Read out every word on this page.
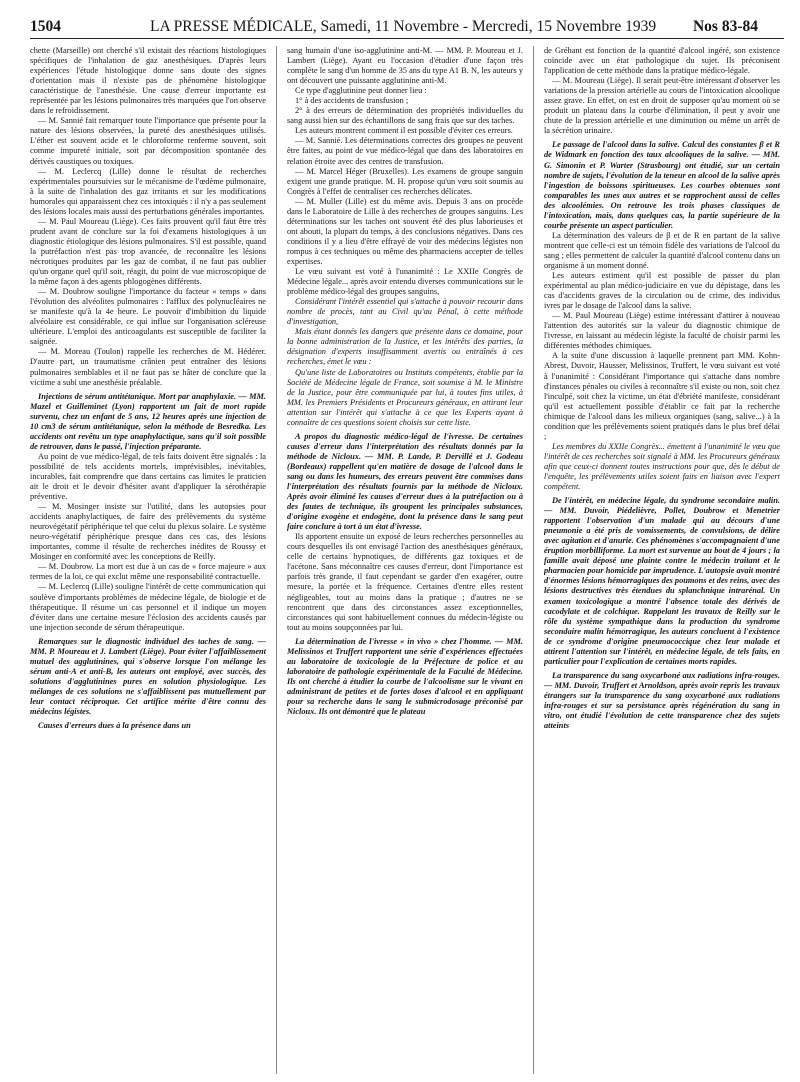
1504	LA PRESSE MÉDICALE, Samedi, 11 Novembre - Mercredi, 15 Novembre 1939 Nos 83-84

chette (Marseille) ont cherché s'il existait des réactions histologiques spécifiques de l'inhalation de gaz anesthésiques. D'après leurs expériences l'étude histologique donne sans doute des signes d'orientation mais il n'existe pas de phénomène histologique caractéristique de l'anesthésie. Une cause d'erreur importante est représentée par les lésions pulmonaires très marquées que l'on observe dans le refroidissement.

— M. Sannié fait remarquer toute l'importance que présente pour la nature des lésions observées, la pureté des anesthésiques utilisés. L'éther est souvent acide et le chloroforme renferme souvent, soit comme impureté initiale, soit par décomposition spontanée des dérivés caustiques ou toxiques.

— M. Leclercq (Lille) donne le résultat de recherches expérimentales poursuivies sur le mécanisme de l'œdème pulmonaire, à la suite de l'inhalation des gaz irritants et sur les modifications humorales qui apparaissent chez ces intoxiqués : il n'y a pas seulement des lésions locales mais aussi des perturbations générales importantes.

— M. Paul Moureau (Liège). Ces faits prouvent qu'il faut être très prudent avant de conclure sur la foi d'examens histologiques à un diagnostic étiologique des lésions pulmonaires. S'il est possible, quand la putréfaction n'est pas trop avancée, de reconnaître les lésions nécrotiques produites par les gaz de combat, il ne faut pas oublier qu'un organe quel qu'il soit, réagit, du point de vue microscopique de la même façon à des agents phlogogènes différents.

— M. Doubrow souligne l'importance du facteur « temps » dans l'évolution des alvéolites pulmonaires : l'afflux des polynucléaires ne se manifeste qu'à la 4e heure. Le pouvoir d'imbibition du liquide alvéolaire est considérable, ce qui influe sur l'organisation scléreuse ultérieure. L'emploi des anticoagulants est susceptible de faciliter la saignée.

— M. Moreau (Toulon) rappelle les recherches de M. Hédérer. D'autre part, un traumatisme crânien peut entraîner des lésions pulmonaires semblables et il ne faut pas se hâter de conclure que la victime a subi une anesthésie préalable.

Injections de sérum antitétanique. Mort par anaphylaxie. — MM. Mazel et Guilleminet (Lyon) rapportent un fait de mort rapide survenu, chez un enfant de 5 ans, 12 heures après une injection de 10 cm3 de sérum antitétanique, selon la méthode de Besredka. Les accidents ont revêtu un type anaphylactique, sans qu'il soit possible de retrouver, dans le passé, l'injection préparante.

Au point de vue médico-légal, de tels faits doivent être signalés : la possibilité de tels accidents mortels, imprévisibles, inévitables, incurables, fait comprendre que dans certains cas limites le praticien ait le droit et le devoir d'hésiter avant d'appliquer la sérothérapie préventive.

— M. Mosinger insiste sur l'utilité, dans les autopsies pour accidents anaphylactiques, de faire des prélèvements du système neurovégétatif périphérique tel que celui du plexus solaire. Le système neuro-végétatif périphérique presque dans ces cas, des lésions importantes, comme il résulte de recherches inédites de Roussy et Mosinger en conformité avec les conceptions de Reilly.

— M. Doubrow. La mort est due à un cas de « force majeure » aux termes de la loi, ce qui exclut même une responsabilité contractuelle.

— M. Leclercq (Lille) souligne l'intérêt de cette communication qui soulève d'importants problèmes de médecine légale, de biologie et de thérapeutique. Il résume un cas personnel et il indique un moyen d'éviter dans une certaine mesure l'éclosion des accidents causés par une injection seconde de sérum thérapeutique.

Remarques sur le diagnostic individuel des taches de sang. — MM. P. Moureau et J. Lambert (Liège). Pour éviter l'affaiblissement mutuel des agglutinines, qui s'observe lorsque l'on mélange les sérum anti-A et anti-B, les auteurs ont employé, avec succès, des solutions d'agglutinines pures en solution physiologique. Les mélanges de ces solutions ne s'affaiblissent pas mutuellement par leur contact réciproque. Cet artifice mérite d'être connu des médecins légistes.

Causes d'erreurs dues à la présence dans un

sang humain d'une iso-agglutinine anti-M. — MM. P. Moureau et J. Lambert (Liège). Ayant eu l'occasion d'étudier d'une façon très complète le sang d'un homme de 35 ans du type A1 B. N, les auteurs y ont découvert une puissante agglutinine anti-M.

Ce type d'agglutinine peut donner lieu :

1° à des accidents de transfusion ;

2° à des erreurs de détermination des propriétés individuelles du sang aussi bien sur des échantillons de sang frais que sur des taches.

Les auteurs montrent comment il est possible d'éviter ces erreurs.

— M. Sannié. Les déterminations correctes des groupes ne peuvent être faites, au point de vue médico-légal que dans des laboratoires en relation étroite avec des centres de transfusion.

— M. Marcel Héger (Bruxelles). Les examens de groupe sanguin exigent une grande pratique. M. H. propose qu'un vœu soit soumis au Congrès à l'effet de centraliser ces recherches délicates.

— M. Muller (Lille) est du même avis. Depuis 3 ans on procède dans le Laboratoire de Lille à des recherches de groupes sanguins. Les déterminations sur les taches ont souvent été des plus laborieuses et ont abouti, la plupart du temps, à des conclusions négatives. Dans ces conditions il y a lieu d'être effrayé de voir des médecins légistes non rompus à ces techniques ou même des pharmaciens accepter de telles expertises.

Le vœu suivant est voté à l'unanimité : Le XXIIe Congrès de Médecine légale... après avoir entendu diverses communications sur le problème médico-légal des groupes sanguins,

Considérant l'intérêt essentiel qui s'attache à pouvoir recourir dans nombre de procès, tant au Civil qu'au Pénal, à cette méthode d'investigation,

Mais étant donnés les dangers que présente dans ce domaine, pour la bonne administration de la Justice, et les intérêts des parties, la désignation d'experts insuffisamment avertis ou entraînés à ces recherches, émet le vœu :

Qu'une liste de Laboratoires ou Instituts compétents, établie par la Société de Médecine légale de France, soit soumise à M. le Ministre de la Justice, pour être communiquée par lui, à toutes fins utiles, à MM. les Premiers Présidents et Procureurs généraux, en attirant leur attention sur l'intérêt qui s'attache à ce que les Experts ayant à connaître de ces questions soient choisis sur cette liste.

A propos du diagnostic médico-légal de l'ivresse. De certaines causes d'erreur dans l'interprétation des résultats donnés par la méthode de Nicloux. — MM. P. Lande, P. Dervillé et J. Godeau (Bordeaux) rappellent qu'en matière de dosage de l'alcool dans le sang ou dans les humeurs, des erreurs peuvent être commises dans l'interprétation des résultats fournis par la méthode de Nicloux. Après avoir éliminé les causes d'erreur dues à la putréfaction ou à des fautes de technique, ils groupent les principales substances, d'origine exogène et endogène, dont la présence dans le sang peut faire conclure à tort à un état d'ivresse.

Ils apportent ensuite un exposé de leurs recherches personnelles au cours desquelles ils ont envisagé l'action des anesthésiques généraux, celle de certains hypnotiques, de différents gaz toxiques et de l'acétone. Sans méconnaître ces causes d'erreur, dont l'importance est parfois très grande, il faut cependant se garder d'en exagérer, outre mesure, la portée et la fréquence. Certaines d'entre elles restent négligeables, tout au moins dans la pratique ; d'autres ne se rencontrent que dans des circonstances assez exceptionnelles, circonstances qui sont habituellement connues du médecin-légiste ou tout au moins soupçonnées par lui.

La détermination de l'ivresse « in vivo » chez l'homme. — MM. Melissinos et Truffert rapportent une série d'expériences effectuées au laboratoire de toxicologie de la Préfecture de police et au laboratoire de pathologie expérimentale de la Faculté de Médecine. Ils ont cherché à étudier la courbe de l'alcoolisme sur le vivant en administrant de petites et de fortes doses d'alcool et en appliquant pour sa recherche dans le sang le submicrodosage préconisé par Nicloux. Ils ont démontré que le plateau

de Gréhant est fonction de la quantité d'alcool ingéré, son existence coïncide avec un état pathologique du sujet. Ils préconisent l'application de cette méthode dans la pratique médico-légale.

— M. Moureau (Liège). Il serait peut-être intéressant d'observer les variations de la pression artérielle au cours de l'intoxication alcoolique assez grave. En effet, on est en droit de supposer qu'au moment où se produit un plateau dans la courbe d'élimination, il peut y avoir une chute de la pression artérielle et une diminution ou même un arrêt de la sécrétion urinaire.

Le passage de l'alcool dans la salive. Calcul des constantes β et R de Widmark en fonction des taux alcooliques de la salive. — MM. G. Simonin et P. Warter (Strasbourg) ont étudié, sur un certain nombre de sujets, l'évolution de la teneur en alcool de la salive après l'ingestion de boissons spiritueuses. Les courbes obtenues sont comparables les unes aux autres et se rapprochent aussi de celles des alcoolémies. On retrouve les trois phases classiques de l'intoxication, mais, dans quelques cas, la partie supérieure de la courbe présente un aspect particulier.

La détermination des valeurs de β et de R en partant de la salive montrent que celle-ci est un témoin fidèle des variations de l'alcool du sang ; elles permettent de calculer la quantité d'alcool contenu dans un organisme à un moment donné.

Les auteurs estiment qu'il est possible de passer du plan expérimental au plan médico-judiciaire en vue du dépistage, dans les cas d'accidents graves de la circulation ou de crime, des individus ivres par le dosage de l'alcool dans la salive.

— M. Paul Moureau (Liège) estime intéressant d'attirer à nouveau l'attention des autorités sur la valeur du diagnostic chimique de l'ivresse, en laissant au médecin légiste la faculté de choisir parmi les différentes méthodes chimiques.

A la suite d'une discussion à laquelle prennent part MM. Kohn-Abrest, Duvoir, Hausser, Melissinos, Truffert, le vœu suivant est voté à l'unanimité : Considérant l'importance qui s'attache dans nombre d'instances pénales ou civiles à reconnaître s'il existe ou non, soit chez l'inculpé, soit chez la victime, un état d'ébriété manifeste, considérant qu'il est actuellement possible d'établir ce fait par la recherche chimique de l'alcool dans les milieux organiques (sang, salive...) à la condition que les prélèvements soient pratiqués dans le plus bref délai ;

Les membres du XXIIe Congrès... émettent à l'unanimité le vœu que l'intérêt de ces recherches soit signalé à MM. les Procureurs généraux afin que ceux-ci donnent toutes instructions pour que, dès le début de l'enquête, les prélèvements utiles soient faits en liaison avec l'expert compétent.

De l'intérêt, en médecine légale, du syndrome secondaire malin. — MM. Duvoir, Piédelièvre, Pollet, Doubrow et Menetrier rapportent l'observation d'un malade qui au décours d'une pneumonie a été pris de vomissements, de convulsions, de délire avec agitation et d'anurie. Ces phénomènes s'accompagnaient d'une éruption morbilliforme. La mort est survenue au bout de 4 jours ; la famille avait déposé une plainte contre le médecin traitant et le pharmacien pour homicide par imprudence. L'autopsie avait montré d'énormes lésions hémorragiques des poumons et des reins, avec des lésions destructives très étendues du splanchnique intrarénal. Un examen toxicologique a montré l'absence totale des dérivés de cacodylate et de colchique. Rappelant les travaux de Reilly sur le rôle du système sympathique dans la production du syndrome secondaire malin hémorragique, les auteurs concluent à l'existence de ce syndrome d'origine pneumococcique chez leur malade et attirent l'attention sur l'intérêt, en médecine légale, de tels faits, en particulier pour l'explication de certaines morts rapides.

La transparence du sang oxycarboné aux radiations infra-rouges. — MM. Duvoir, Truffert et Arnoldson, après avoir repris les travaux étrangers sur la transparence du sang oxycarboné aux radiations infra-rouges et sur sa persistance après régénération du sang in vitro, ont étudié l'évolution de cette transparence chez des sujets atteints
